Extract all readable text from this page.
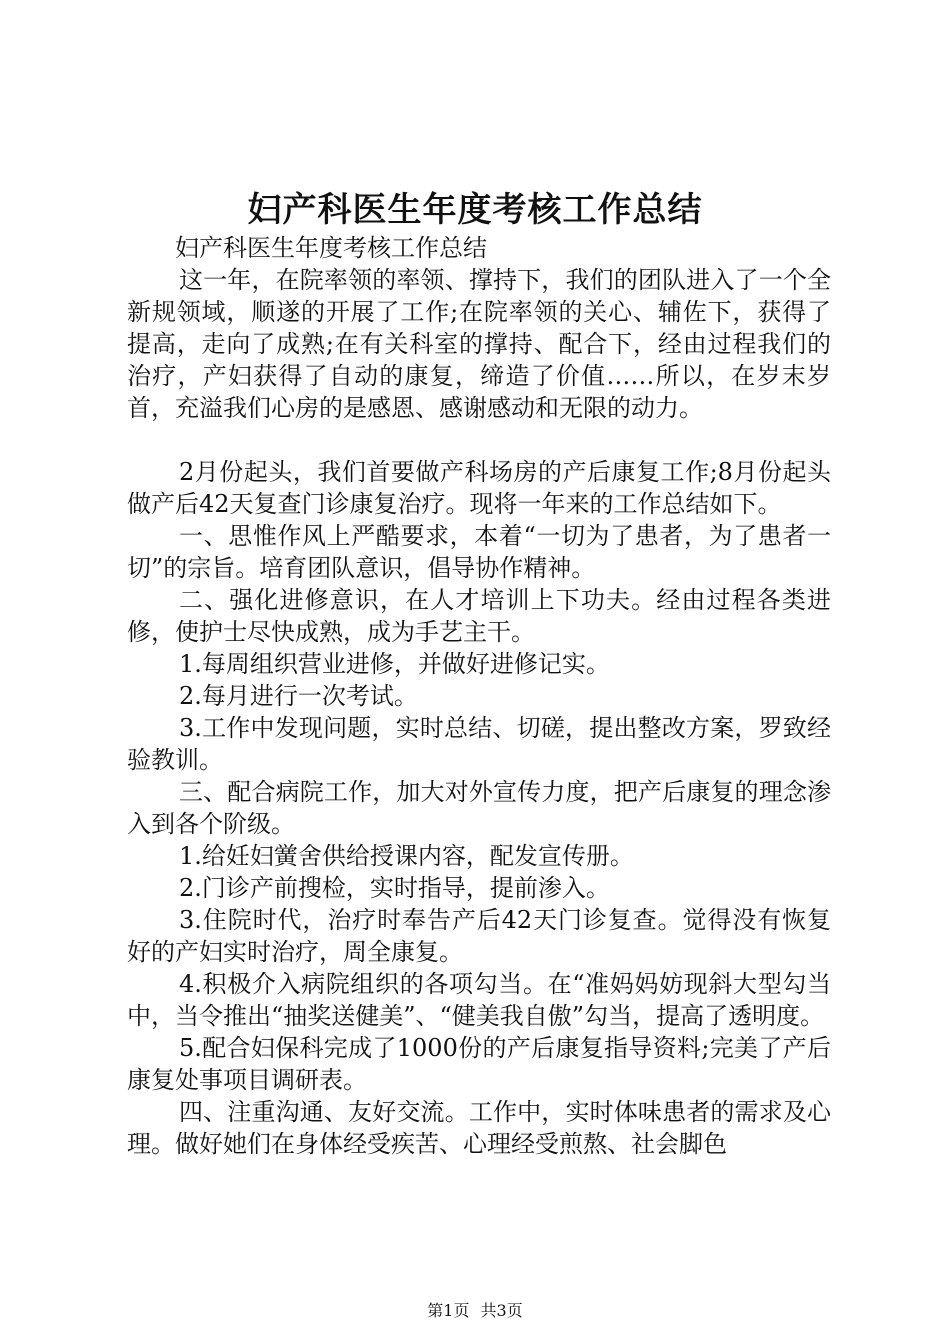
妇产科医生年度考核工作总结

妇产科医生年度考核工作总结

这一年，在院率领的率领、撑持下，我们的团队进入了一个全新规领域，顺遂的开展了工作;在院率领的关心、辅佐下，获得了提高，走向了成熟;在有关科室的撑持、配合下，经由过程我们的治疗，产妇获得了自动的康复，缔造了价值……所以，在岁末岁首，充溢我们心房的是感恩、感谢感动和无限的动力。

2月份起头，我们首要做产科场房的产后康复工作;8月份起头做产后42天复查门诊康复治疗。现将一年来的工作总结如下。

一、思惟作风上严酷要求，本着“一切为了患者，为了患者一切”的宗旨。培育团队意识，倡导协作精神。

二、强化进修意识，在人才培训上下功夫。经由过程各类进修，使护士尽快成熟，成为手艺主干。

1.每周组织营业进修，并做好进修记实。

2.每月进行一次考试。

3.工作中发现问题，实时总结、切磋，提出整改方案，罗致经验教训。

三、配合病院工作，加大对外宣传力度，把产后康复的理念渗入到各个阶级。

1.给妊妇黉舍供给授课内容，配发宣传册。

2.门诊产前搜检，实时指导，提前渗入。

3.住院时代，治疗时奉告产后42天门诊复查。觉得没有恢复好的产妇实时治疗，周全康复。

4.积极介入病院组织的各项勾当。在“准妈妈妨现斜大型勾当中，当令推出“抽奖送健美”、“健美我自傲”勾当，提高了透明度。

5.配合妇保科完成了1000份的产后康复指导资料;完美了产后康复处事项目调研表。

四、注重沟通、友好交流。工作中，实时体味患者的需求及心理。做好她们在身体经受疾苦、心理经受煎熬、社会脚色

第1页 共3页
